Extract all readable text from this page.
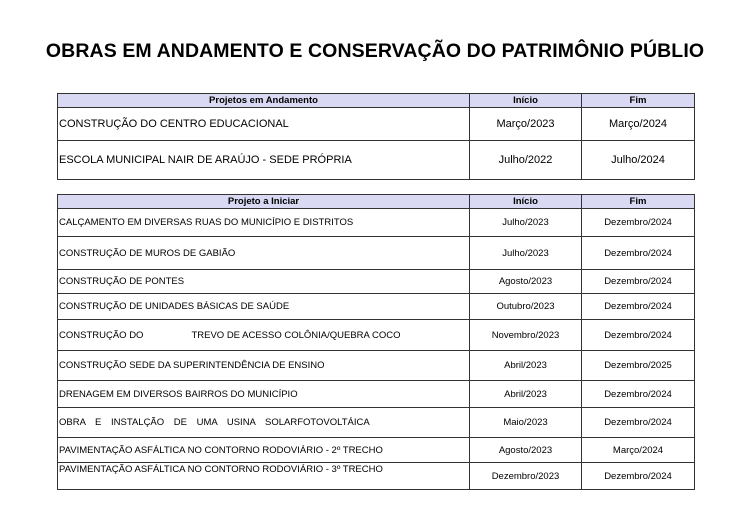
OBRAS EM ANDAMENTO E CONSERVAÇÃO DO PATRIMÔNIO PÚBLIO
Projetos em Andamento	Início	Fim
CONSTRUÇÃO DO CENTRO EDUCACIONAL	Março/2023	Março/2024
ESCOLA MUNICIPAL NAIR DE ARAÚJO - SEDE PRÓPRIA	Julho/2022	Julho/2024
Projeto a Iniciar	Início	Fim
CALÇAMENTO EM DIVERSAS RUAS DO MUNICÍPIO E DISTRITOS	Julho/2023	Dezembro/2024
CONSTRUÇÃO DE MUROS DE GABIÃO	Julho/2023	Dezembro/2024
CONSTRUÇÃO DE PONTES	Agosto/2023	Dezembro/2024
CONSTRUÇÃO DE UNIDADES BÁSICAS DE SAÚDE	Outubro/2023	Dezembro/2024
CONSTRUÇÃO DO TREVO DE ACESSO COLÔNIA/QUEBRA COCO	Novembro/2023	Dezembro/2024
CONSTRUÇÃO SEDE DA SUPERINTENDÊNCIA DE ENSINO	Abril/2023	Dezembro/2025
DRENAGEM EM DIVERSOS BAIRROS DO MUNICÍPIO	Abril/2023	Dezembro/2024
OBRA E INSTALÇÃO DE UMA USINA SOLARFOTOVOLTÁICA	Maio/2023	Dezembro/2024
PAVIMENTAÇÃO ASFÁLTICA NO CONTORNO RODOVIÁRIO - 2º TRECHO	Agosto/2023	Março/2024
PAVIMENTAÇÃO ASFÁLTICA NO CONTORNO RODOVIÁRIO - 3º TRECHO	Dezembro/2023	Dezembro/2024
